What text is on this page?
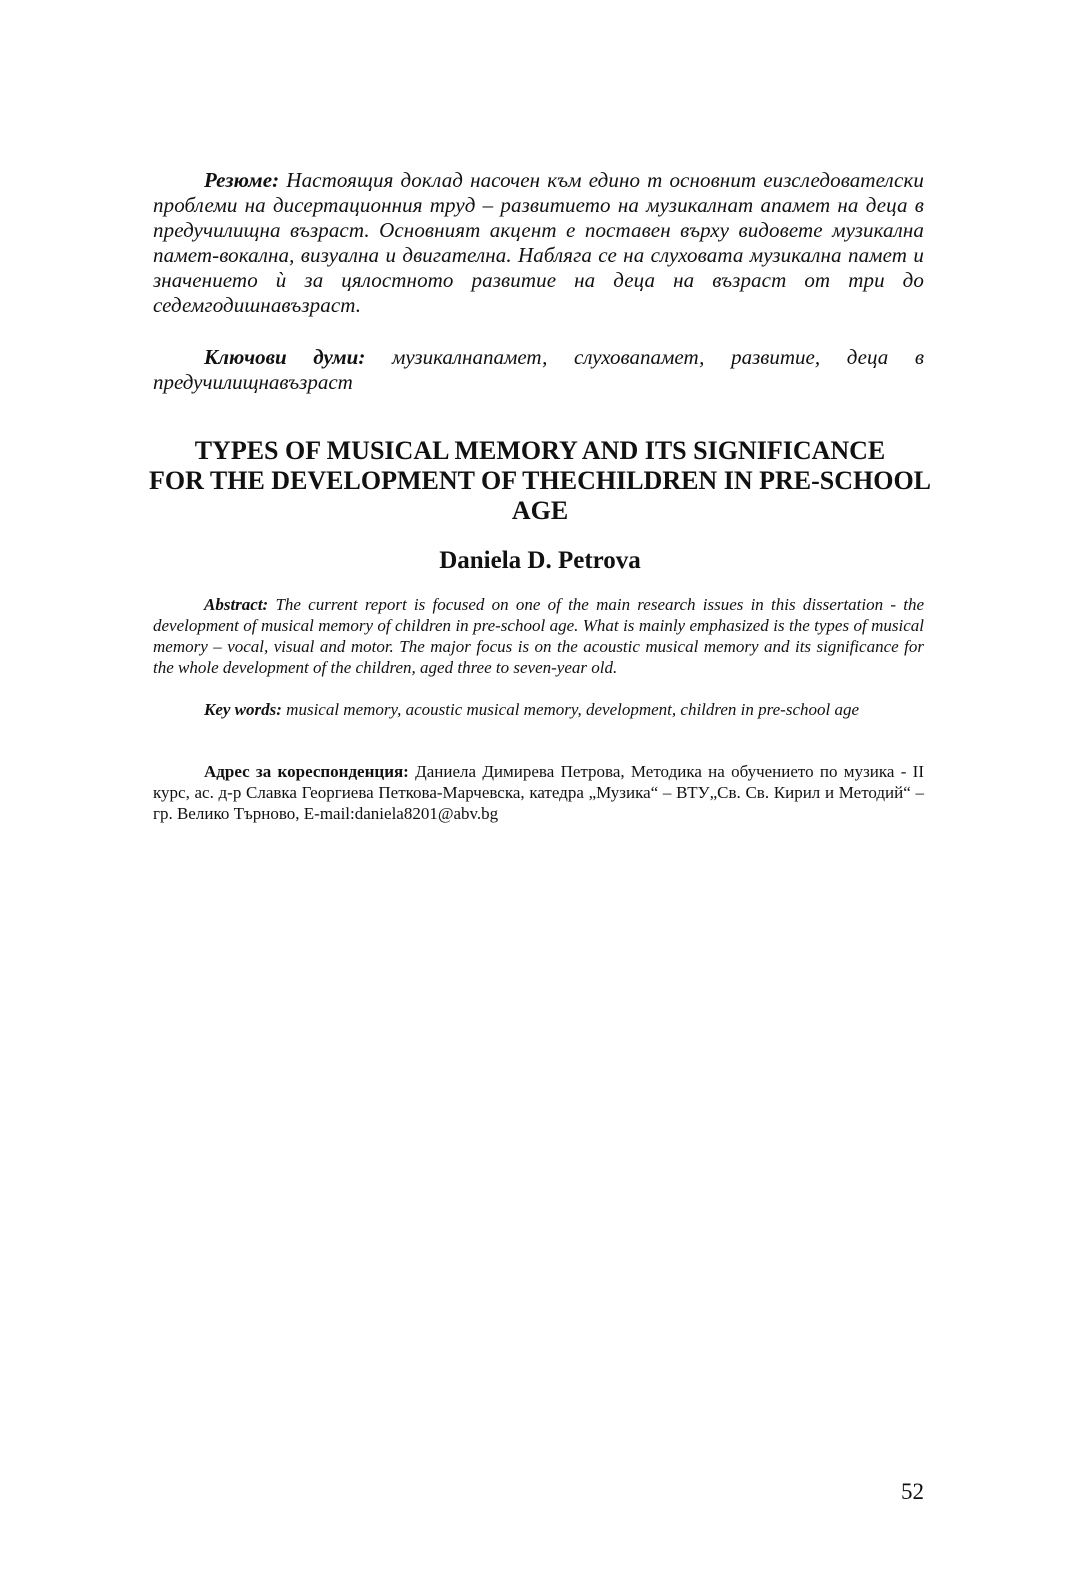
Резюме: Настоящия доклад насочен към едино т основнит еизследователски проблеми на дисертационния труд – развитието на музикалнат апамет на деца в предучилищна възраст. Основният акцент е поставен върху видовете музикална памет-вокална, визуална и двигателна. Наблягa се на слуховата музикална памет и значението ѝ за цялостното развитие на деца на възраст от три до седемгодишнавъзраст.

Ключови думи: музикалнапамет, слуховапамет, развитие, деца в предучилищнавъзраст

TYPES OF MUSICAL MEMORY AND ITS SIGNIFICANCE
FOR THE DEVELOPMENT OF THECHILDREN IN PRE-SCHOOL
AGE
Daniela D. Petrova

Abstract: The current report is focused on one of the main research issues in this dissertation - the development of musical memory of children in pre-school age. What is mainly emphasized is the types of musical memory – vocal, visual and motor. The major focus is on the acoustic musical memory and its significance for the whole development of the children, aged three to seven-year old.

Key words: musical memory, acoustic musical memory, development, children in pre-school age

Адрес за кореспонденция: Даниела Димирева Петрова, Методика на обучението по музика - II курс, ас. д-р Славка Георгиева Петкова-Марчевска, катедра „Музика“ – ВТУ„Св. Св. Кирил и Методий“ – гр. Велико Търново, E-mail:daniela8201@abv.bg

52
